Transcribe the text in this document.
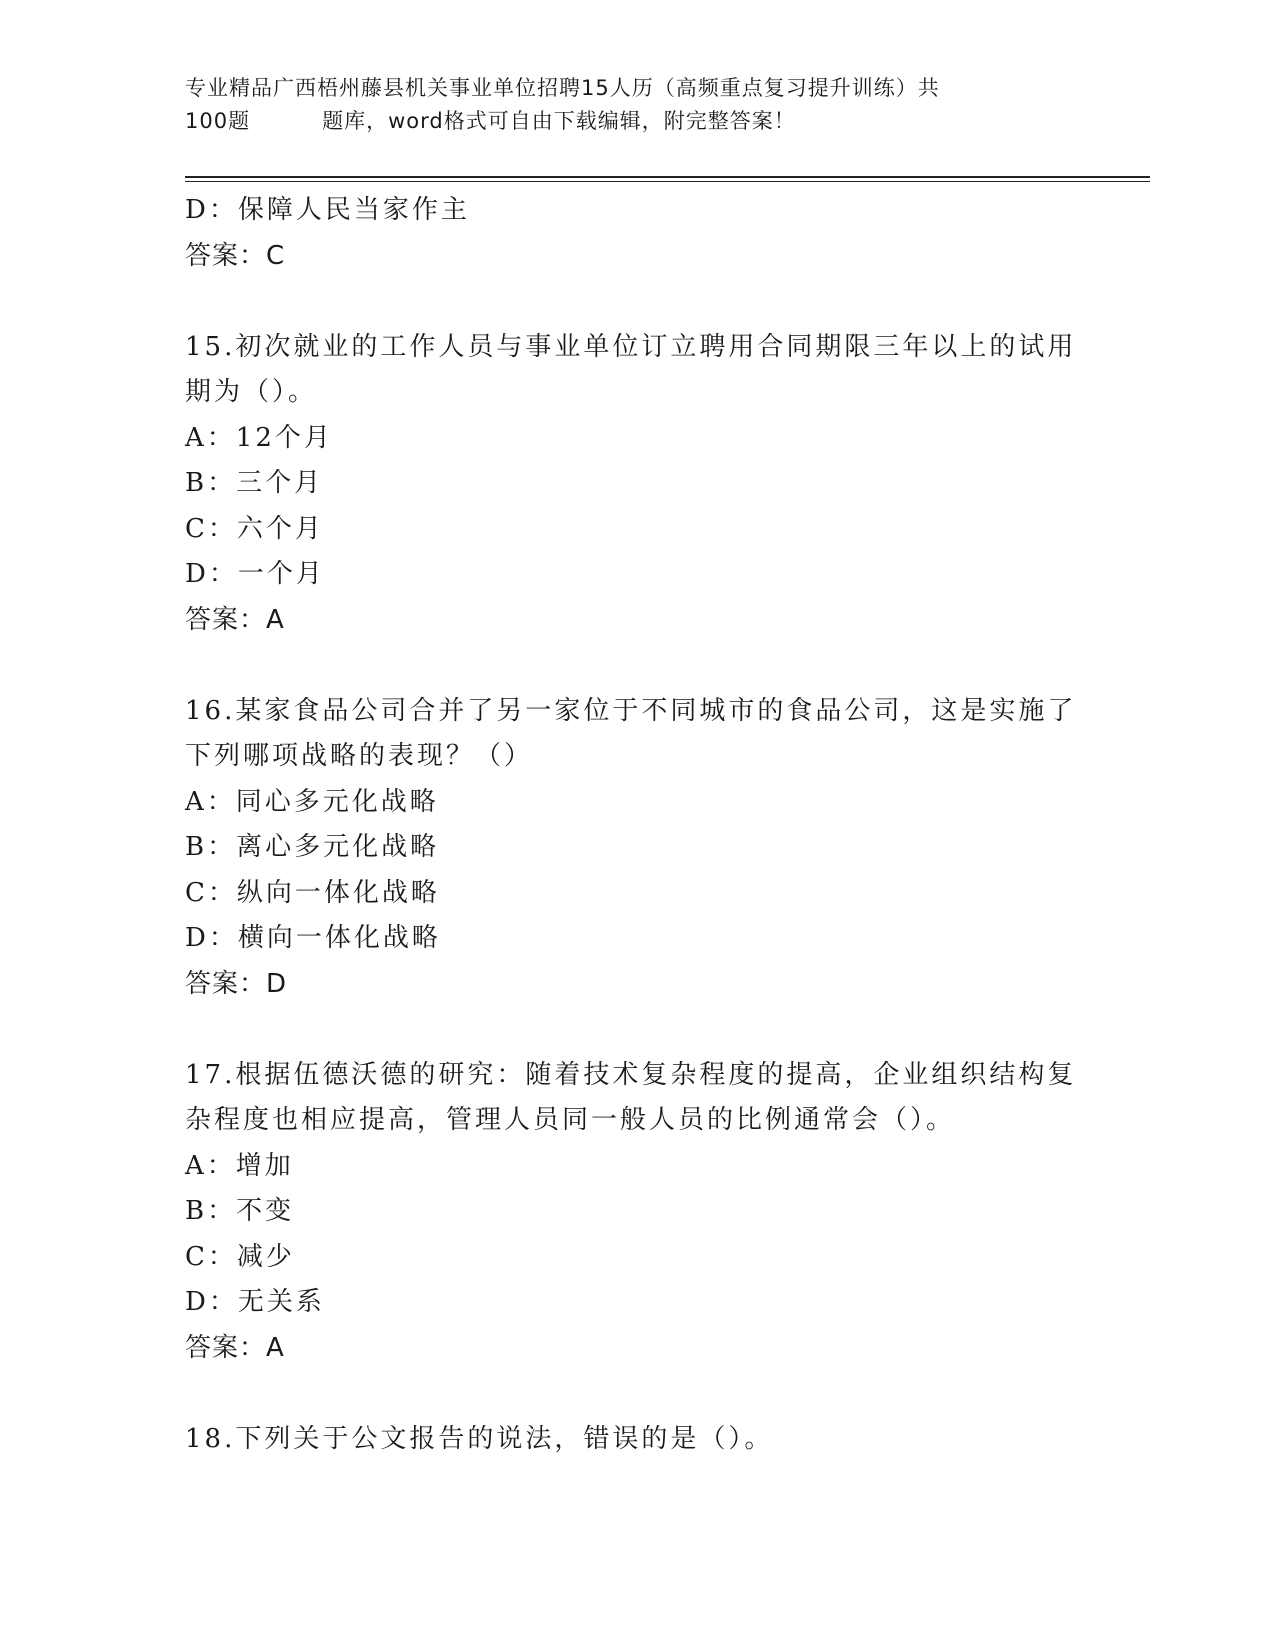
专业精品广西梧州藤县机关事业单位招聘15人历（高频重点复习提升训练）共
100题	题库，word格式可自由下载编辑，附完整答案！
D：保障人民当家作主
答案：C
15.初次就业的工作人员与事业单位订立聘用合同期限三年以上的试用
期为（）。
A：12个月
B：三个月
C：六个月
D：一个月
答案：A
16.某家食品公司合并了另一家位于不同城市的食品公司，这是实施了
下列哪项战略的表现？（）
A：同心多元化战略
B：离心多元化战略
C：纵向一体化战略
D：横向一体化战略
答案：D
17.根据伍德沃德的研究：随着技术复杂程度的提高，企业组织结构复
杂程度也相应提高，管理人员同一般人员的比例通常会（）。
A：增加
B：不变
C：减少
D：无关系
答案：A
18.下列关于公文报告的说法，错误的是（）。
